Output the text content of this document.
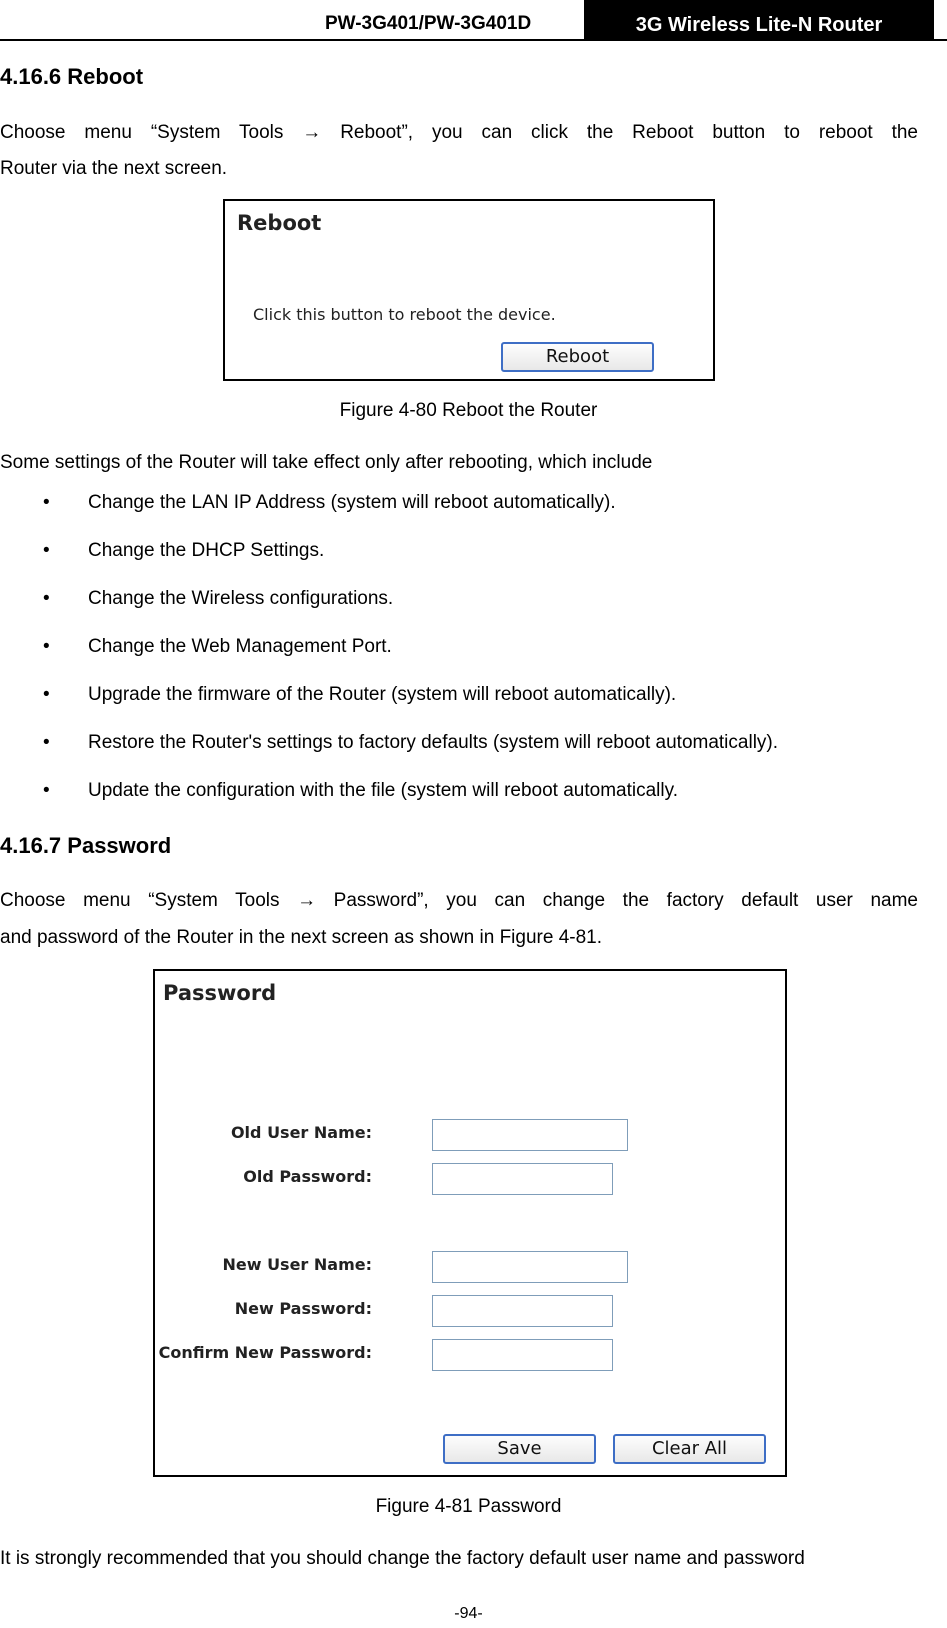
PW-3G401/PW-3G401D	3G Wireless Lite-N Router
4.16.6 Reboot
Choose menu “System Tools → Reboot”, you can click the Reboot button to reboot the
Router via the next screen.
Reboot
Click this button to reboot the device.
Reboot
Figure 4-80 Reboot the Router
Some settings of the Router will take effect only after rebooting, which include
• Change the LAN IP Address (system will reboot automatically).
• Change the DHCP Settings.
• Change the Wireless configurations.
• Change the Web Management Port.
• Upgrade the firmware of the Router (system will reboot automatically).
• Restore the Router's settings to factory defaults (system will reboot automatically).
• Update the configuration with the file (system will reboot automatically.
4.16.7 Password
Choose menu “System Tools → Password”, you can change the factory default user name
and password of the Router in the next screen as shown in Figure 4-81.
Password
Old User Name:
Old Password:
New User Name:
New Password:
Confirm New Password:
Save	Clear All
Figure 4-81 Password
It is strongly recommended that you should change the factory default user name and password
-94-
